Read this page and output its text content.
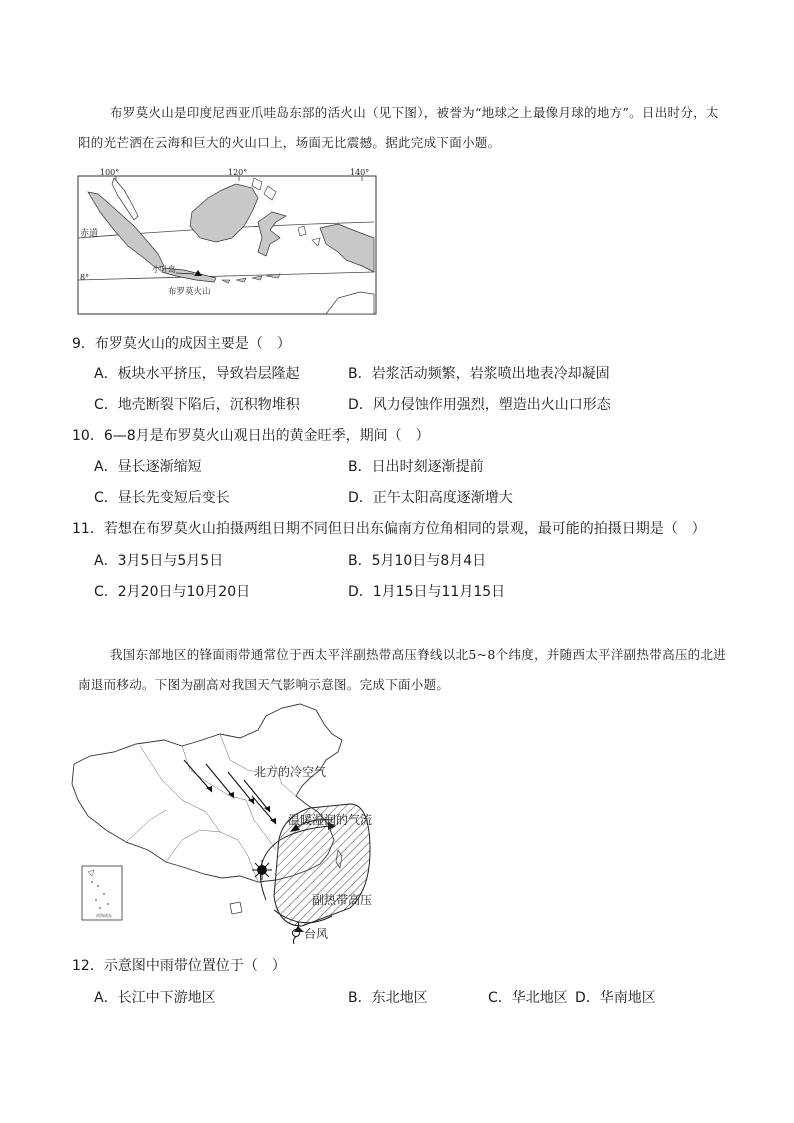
布罗莫火山是印度尼西亚爪哇岛东部的活火山（见下图），被誉为“地球之上最像月球的地方”。日出时分，太阳的光芒洒在云海和巨大的火山口上，场面无比震撼。据此完成下面小题。
100°	120°	140°
赤道
8°
小叶岛
布罗莫火山
9．布罗莫火山的成因主要是（　）
A．板块水平挤压，导致岩层隆起	B．岩浆活动频繁，岩浆喷出地表冷却凝固
C．地壳断裂下陷后，沉积物堆积	D．风力侵蚀作用强烈，塑造出火山口形态
10．6—8月是布罗莫火山观日出的黄金旺季，期间（　）
A．昼长逐渐缩短	B．日出时刻逐渐提前
C．昼长先变短后变长	D．正午太阳高度逐渐增大
11．若想在布罗莫火山拍摄两组日期不同但日出东偏南方位角相同的景观，最可能的拍摄日期是（　）
A．3月5日与5月5日	B．5月10日与8月4日
C．2月20日与10月20日	D．1月15日与11月15日
我国东部地区的锋面雨带通常位于西太平洋副热带高压脊线以北5~8个纬度，并随西太平洋副热带高压的北进南退而移动。下图为副高对我国天气影响示意图。完成下面小题。
北方的冷空气
温暖湿润的气流
副热带高压
台风
南海诸岛
12．示意图中雨带位置位于（　）
A．长江中下游地区	B．东北地区	C．华北地区 D．华南地区
